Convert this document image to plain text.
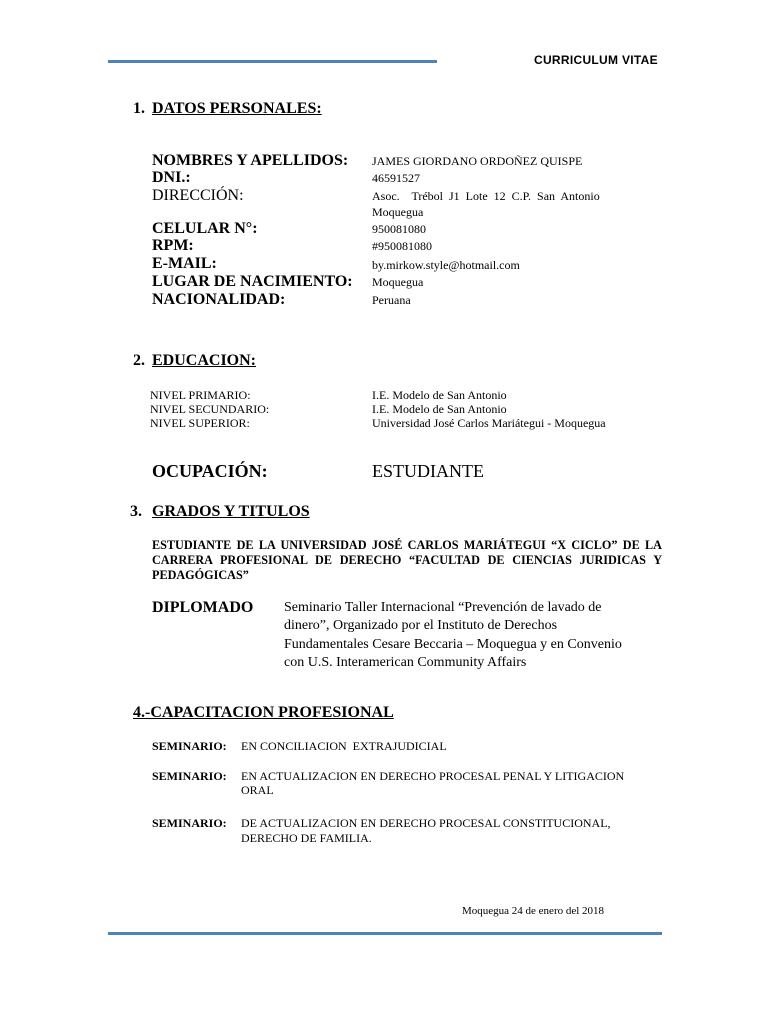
CURRICULUM VITAE
1. DATOS PERSONALES:
NOMBRES Y APELLIDOS: JAMES GIORDANO ORDOÑEZ QUISPE
DNI.:	46591527
DIRECCIÓN:	Asoc.    Trébol  J1  Lote  12  C.P.  San  Antonio
Moquegua
CELULAR N°:	950081080
RPM:	#950081080
E-MAIL:	by.mirkow.style@hotmail.com
LUGAR DE NACIMIENTO: Moquegua
NACIONALIDAD:	Peruana
2. EDUCACION:
NIVEL PRIMARIO:	I.E. Modelo de San Antonio
NIVEL SECUNDARIO:	I.E. Modelo de San Antonio
NIVEL SUPERIOR:	Universidad José Carlos Mariátegui - Moquegua
OCUPACIÓN:	ESTUDIANTE
3. GRADOS Y TITULOS
ESTUDIANTE DE LA UNIVERSIDAD JOSÉ CARLOS MARIÁTEGUI “X CICLO” DE LA CARRERA PROFESIONAL DE DERECHO “FACULTAD DE CIENCIAS JURIDICAS Y PEDAGÓGICAS”
DIPLOMADO Seminario Taller Internacional “Prevención de lavado de
dinero”, Organizado por el Instituto de Derechos
Fundamentales Cesare Beccaria – Moquegua y en Convenio
con U.S. Interamerican Community Affairs
4.-CAPACITACION PROFESIONAL
SEMINARIO: EN CONCILIACION  EXTRAJUDICIAL
SEMINARIO: EN ACTUALIZACION EN DERECHO PROCESAL PENAL Y LITIGACION
ORAL
SEMINARIO: DE ACTUALIZACION EN DERECHO PROCESAL CONSTITUCIONAL,
DERECHO DE FAMILIA.
Moquegua 24 de enero del 2018
